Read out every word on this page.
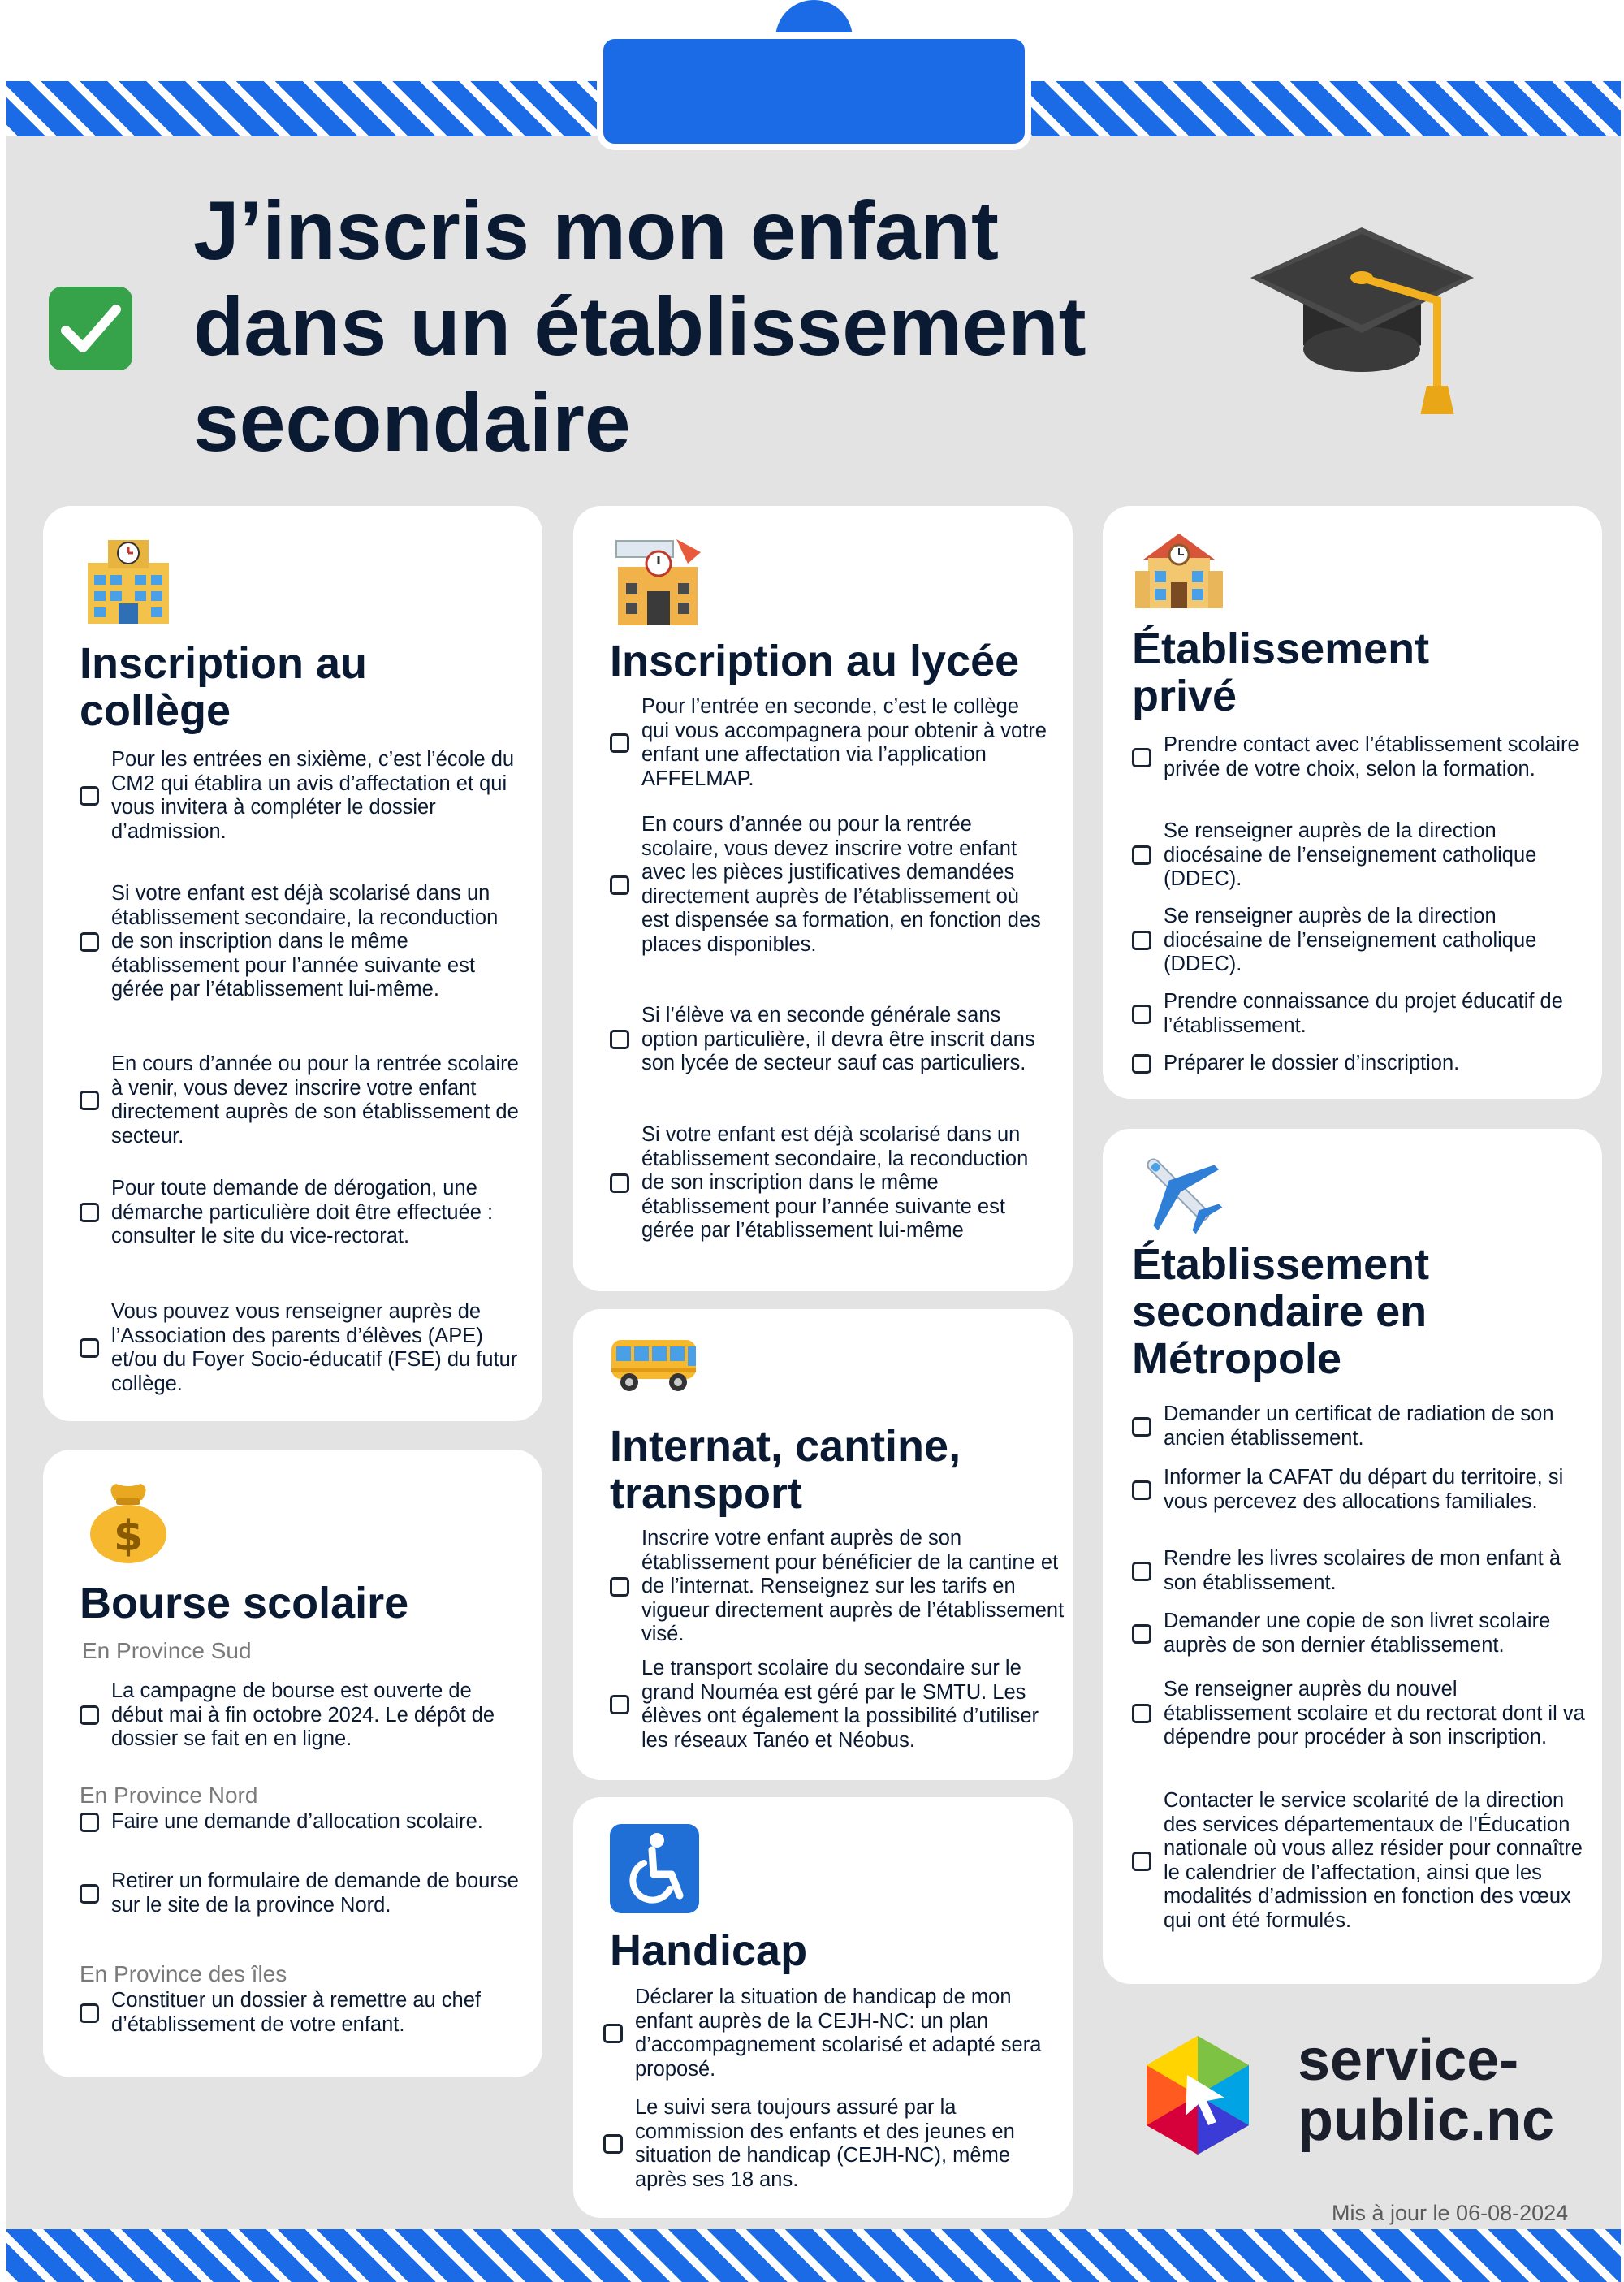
J’inscris mon enfant
dans un établissement
secondaire
Inscription au
collège
Pour les entrées en sixième, c’est l’école du CM2 qui établira un avis d’affectation et qui vous invitera à compléter le dossier d’admission.
Si votre enfant est déjà scolarisé dans un établissement secondaire, la reconduction de son inscription dans le même établissement pour l’année suivante est gérée par l’établissement lui-même.
En cours d’année ou pour la rentrée scolaire à venir, vous devez inscrire votre enfant directement auprès de son établissement de secteur.
Pour toute demande de dérogation, une démarche particulière doit être effectuée : consulter le site du vice-rectorat.
Vous pouvez vous renseigner auprès de l’Association des parents d’élèves (APE) et/ou du Foyer Socio-éducatif (FSE) du futur collège.
$
Bourse scolaire
En Province Sud
La campagne de bourse est ouverte de début mai à fin octobre 2024. Le dépôt de dossier se fait en en ligne.
En Province Nord
Faire une demande d’allocation scolaire.
Retirer un formulaire de demande de bourse sur le site de la province Nord.
En Province des îles
Constituer un dossier à remettre au chef d’établissement de votre enfant.
Inscription au lycée
Pour l’entrée en seconde, c’est le collège qui vous accompagnera pour obtenir à votre enfant une affectation via l’application AFFELMAP.
En cours d’année ou pour la rentrée scolaire, vous devez inscrire votre enfant avec les pièces justificatives demandées directement auprès de l’établissement où est dispensée sa formation, en fonction des places disponibles.
Si l’élève va en seconde générale sans option particulière, il devra être inscrit dans son lycée de secteur sauf cas particuliers.
Si votre enfant est déjà scolarisé dans un établissement secondaire, la reconduction de son inscription dans le même établissement pour l’année suivante est gérée par l’établissement lui-même
Internat, cantine,
transport
Inscrire votre enfant auprès de son établissement pour bénéficier de la cantine et de l’internat. Renseignez sur les tarifs en vigueur directement auprès de l’établissement visé.
Le transport scolaire du secondaire sur le grand Nouméa est géré par le SMTU. Les élèves ont également la possibilité d’utiliser les réseaux Tanéo et Néobus.
Handicap
Déclarer la situation de handicap de mon enfant auprès de la CEJH-NC: un plan d’accompagnement scolarisé et adapté sera proposé.
Le suivi sera toujours assuré par la commission des enfants et des jeunes en situation de handicap (CEJH-NC), même après ses 18 ans.
Établissement
privé
Prendre contact avec l’établissement scolaire privée de votre choix, selon la formation.
Se renseigner auprès de la direction diocésaine de l’enseignement catholique (DDEC).
Se renseigner auprès de la direction diocésaine de l’enseignement catholique (DDEC).
Prendre connaissance du projet éducatif de l’établissement.
Préparer le dossier d’inscription.
Établissement
secondaire en
Métropole
Demander un certificat de radiation de son ancien établissement.
Informer la CAFAT du départ du territoire, si vous percevez des allocations familiales.
Rendre les livres scolaires de mon enfant à son établissement.
Demander une copie de son livret scolaire auprès de son dernier établissement.
Se renseigner auprès du nouvel établissement scolaire et du rectorat dont il va dépendre pour procéder à son inscription.
Contacter le service scolarité de la direction des services départementaux de l’Éducation nationale où vous allez résider pour connaître le calendrier de l’affectation, ainsi que les modalités d’admission en fonction des vœux qui ont été formulés.
service-
public.nc
Mis à jour le 06-08-2024
